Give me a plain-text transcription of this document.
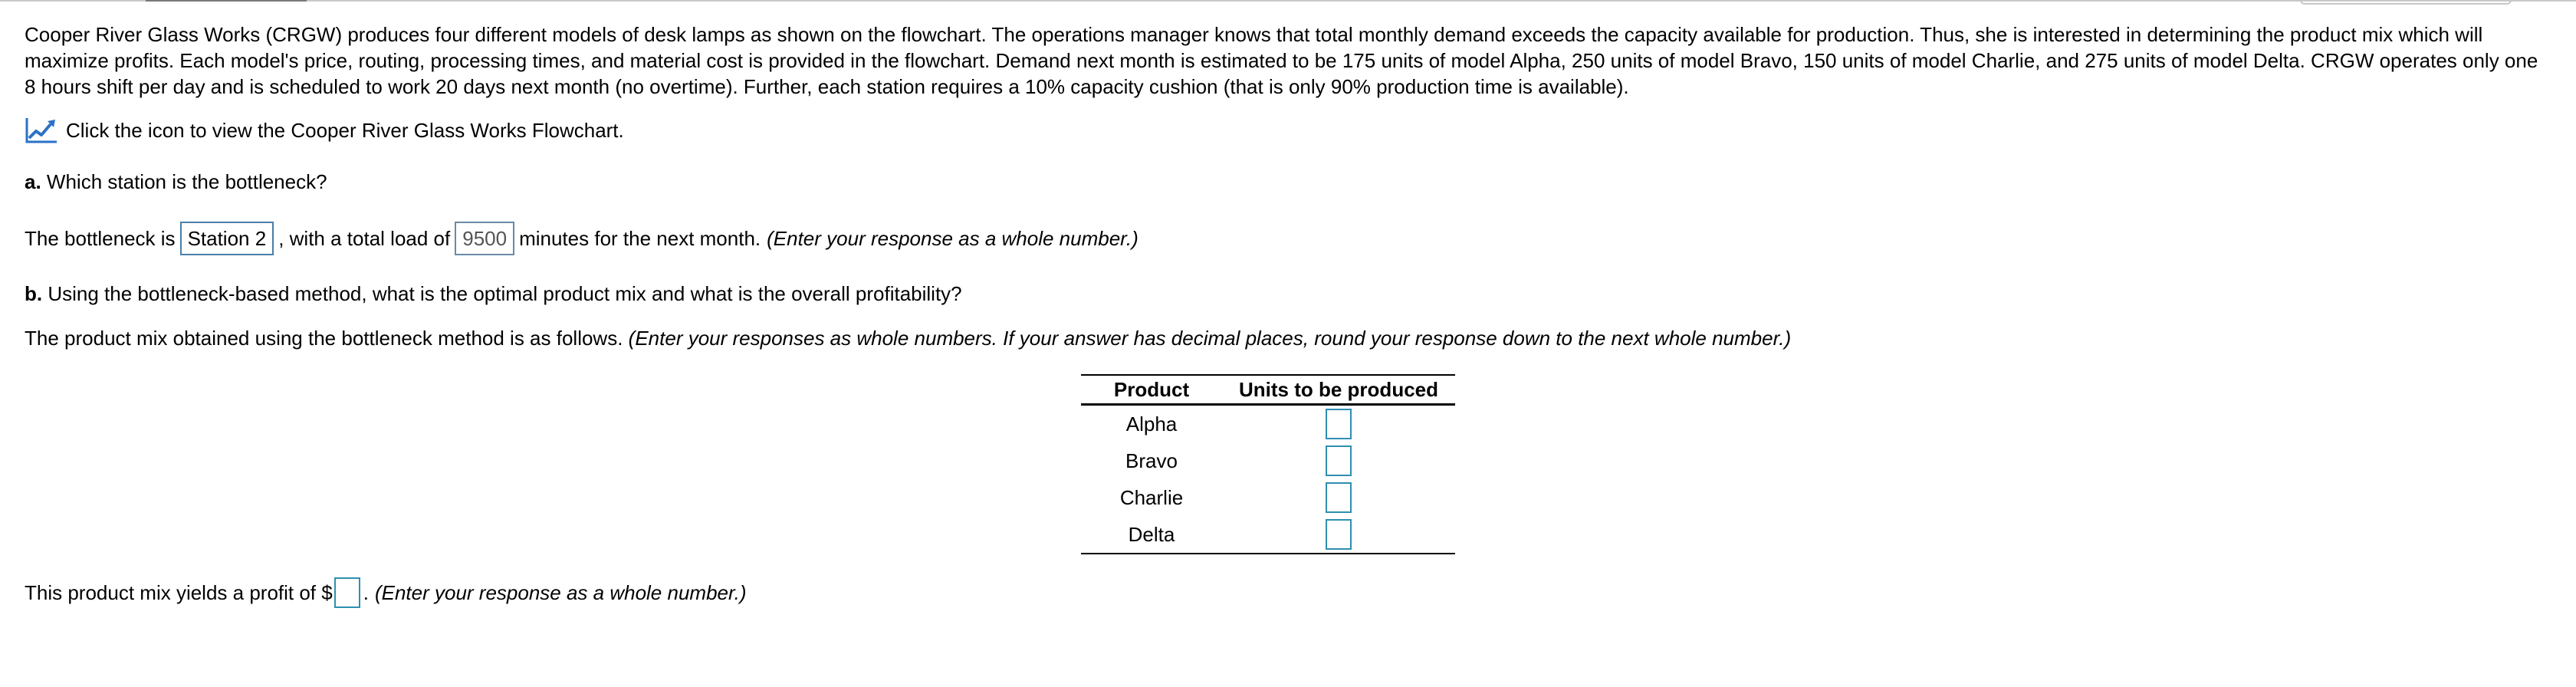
Cooper River Glass Works (CRGW) produces four different models of desk lamps as shown on the flowchart. The operations manager knows that total monthly demand exceeds the capacity available for production. Thus, she is interested in determining the product mix which will
maximize profits. Each model's price, routing, processing times, and material cost is provided in the flowchart. Demand next month is estimated to be 175 units of model Alpha, 250 units of model Bravo, 150 units of model Charlie, and 275 units of model Delta. CRGW operates only one
8 hours shift per day and is scheduled to work 20 days next month (no overtime). Further, each station requires a 10% capacity cushion (that is only 90% production time is available).

Click the icon to view the Cooper River Glass Works Flowchart.
a. Which station is the bottleneck?
The bottleneck is Station 2 , with a total load of 9500 minutes for the next month. (Enter your response as a whole number.)
b. Using the bottleneck-based method, what is the optimal product mix and what is the overall profitability?
The product mix obtained using the bottleneck method is as follows. (Enter your responses as whole numbers. If your answer has decimal places, round your response down to the next whole number.)
Product	Units to be produced
Alpha	
Bravo	
Charlie	
Delta	
This product mix yields a profit of $ . (Enter your response as a whole number.)
